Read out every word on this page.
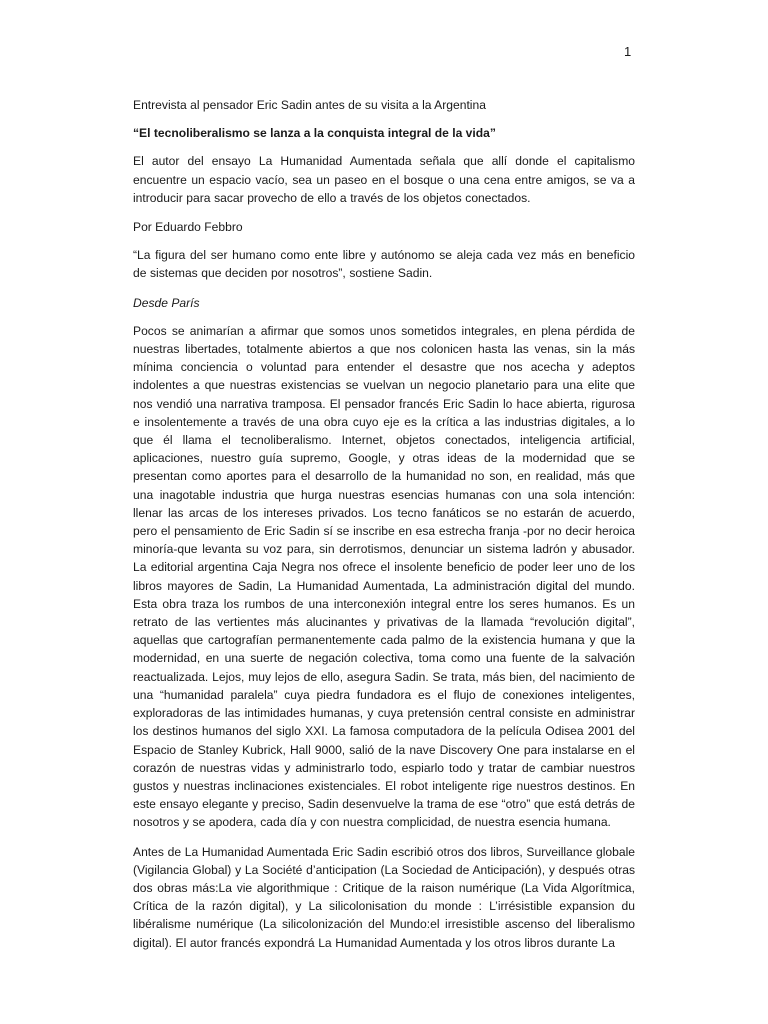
1

Entrevista al pensador Eric Sadin antes de su visita a la Argentina

“El tecnoliberalismo se lanza a la conquista integral de la vida”

El autor del ensayo La Humanidad Aumentada señala que allí donde el capitalismo encuentre un espacio vacío, sea un paseo en el bosque o una cena entre amigos, se va a introducir para sacar provecho de ello a través de los objetos conectados.

Por Eduardo Febbro

“La figura del ser humano como ente libre y autónomo se aleja cada vez más en beneficio de sistemas que deciden por nosotros”, sostiene Sadin.

Desde París

Pocos se animarían a afirmar que somos unos sometidos integrales, en plena pérdida de nuestras libertades, totalmente abiertos a que nos colonicen hasta las venas, sin la más mínima conciencia o voluntad para entender el desastre que nos acecha y adeptos indolentes a que nuestras existencias se vuelvan un negocio planetario para una elite que nos vendió una narrativa tramposa. El pensador francés Eric Sadin lo hace abierta, rigurosa e insolentemente a través de una obra cuyo eje es la crítica a las industrias digitales, a lo que él llama el tecnoliberalismo. Internet, objetos conectados, inteligencia artificial, aplicaciones, nuestro guía supremo, Google, y otras ideas de la modernidad que se presentan como aportes para el desarrollo de la humanidad no son, en realidad, más que una inagotable industria que hurga nuestras esencias humanas con una sola intención: llenar las arcas de los intereses privados. Los tecno fanáticos se no estarán de acuerdo, pero el pensamiento de Eric Sadin sí se inscribe en esa estrecha franja -por no decir heroica minoría-que levanta su voz para, sin derrotismos, denunciar un sistema ladrón y abusador. La editorial argentina Caja Negra nos ofrece el insolente beneficio de poder leer uno de los libros mayores de Sadin, La Humanidad Aumentada, La administración digital del mundo. Esta obra traza los rumbos de una interconexión integral entre los seres humanos. Es un retrato de las vertientes más alucinantes y privativas de la llamada “revolución digital”, aquellas que cartografían permanentemente cada palmo de la existencia humana y que la modernidad, en una suerte de negación colectiva, toma como una fuente de la salvación reactualizada. Lejos, muy lejos de ello, asegura Sadin. Se trata, más bien, del nacimiento de una “humanidad paralela” cuya piedra fundadora es el flujo de conexiones inteligentes, exploradoras de las intimidades humanas, y cuya pretensión central consiste en administrar los destinos humanos del siglo XXI. La famosa computadora de la película Odisea 2001 del Espacio de Stanley Kubrick, Hall 9000, salió de la nave Discovery One para instalarse en el corazón de nuestras vidas y administrarlo todo, espiarlo todo y tratar de cambiar nuestros gustos y nuestras inclinaciones existenciales. El robot inteligente rige nuestros destinos. En este ensayo elegante y preciso, Sadin desenvuelve la trama de ese “otro” que está detrás de nosotros y se apodera, cada día y con nuestra complicidad, de nuestra esencia humana.

Antes de La Humanidad Aumentada Eric Sadin escribió otros dos libros, Surveillance globale (Vigilancia Global) y La Société d’anticipation (La Sociedad de Anticipación), y después otras dos obras más:La vie algorithmique : Critique de la raison numérique (La Vida Algorítmica, Crítica de la razón digital), y La silicolonisation du monde : L’irrésistible expansion du libéralisme numérique (La silicolonización del Mundo:el irresistible ascenso del liberalismo digital). El autor francés expondrá La Humanidad Aumentada y los otros libros durante La
